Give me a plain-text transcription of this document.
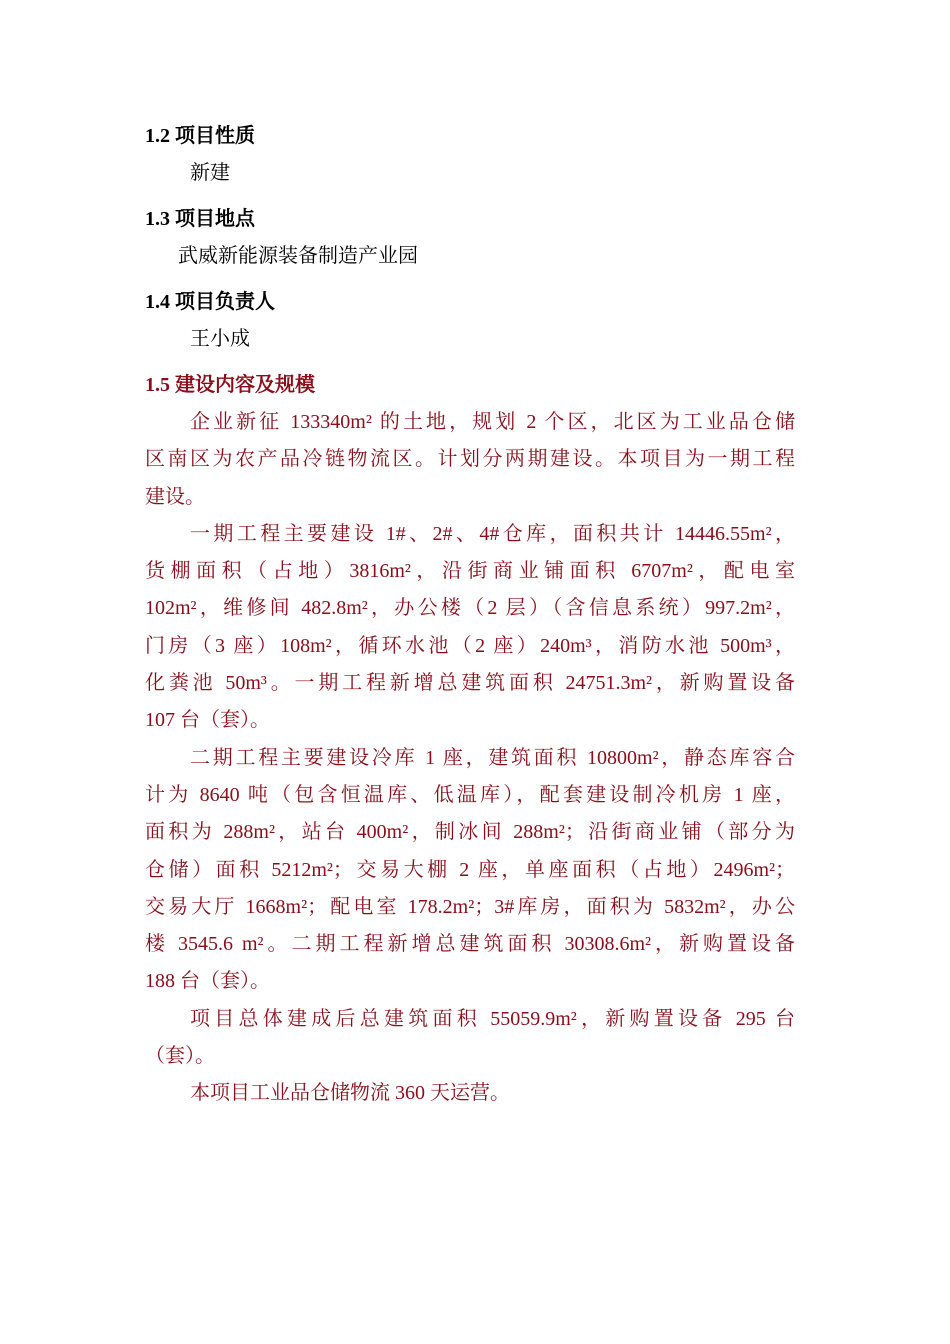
1.2 项目性质
新建
1.3 项目地点
武威新能源装备制造产业园
1.4 项目负责人
王小成
1.5 建设内容及规模
企业新征 133340m² 的土地，规划 2 个区，北区为工业品仓储
区南区为农产品冷链物流区。计划分两期建设。本项目为一期工程
建设。
一期工程主要建设 1#、2#、4#仓库，面积共计 14446.55m²，
货棚面积（占地）3816m²，沿街商业铺面积 6707m²，配电室
102m²，维修间 482.8m²，办公楼（2 层）（含信息系统）997.2m²，
门房（3 座）108m²，循环水池（2 座）240m³，消防水池 500m³，
化粪池 50m³。一期工程新增总建筑面积 24751.3m²，新购置设备
107 台（套）。
二期工程主要建设冷库 1 座，建筑面积 10800m²，静态库容合
计为 8640 吨（包含恒温库、低温库），配套建设制冷机房 1 座，
面积为 288m²，站台 400m²，制冰间 288m²；沿街商业铺（部分为
仓储）面积 5212m²；交易大棚 2 座，单座面积（占地）2496m²；
交易大厅 1668m²；配电室 178.2m²；3#库房，面积为 5832m²，办公
楼 3545.6 m²。二期工程新增总建筑面积 30308.6m²，新购置设备
188 台（套）。
项目总体建成后总建筑面积 55059.9m²，新购置设备 295 台
（套）。
本项目工业品仓储物流 360 天运营。
